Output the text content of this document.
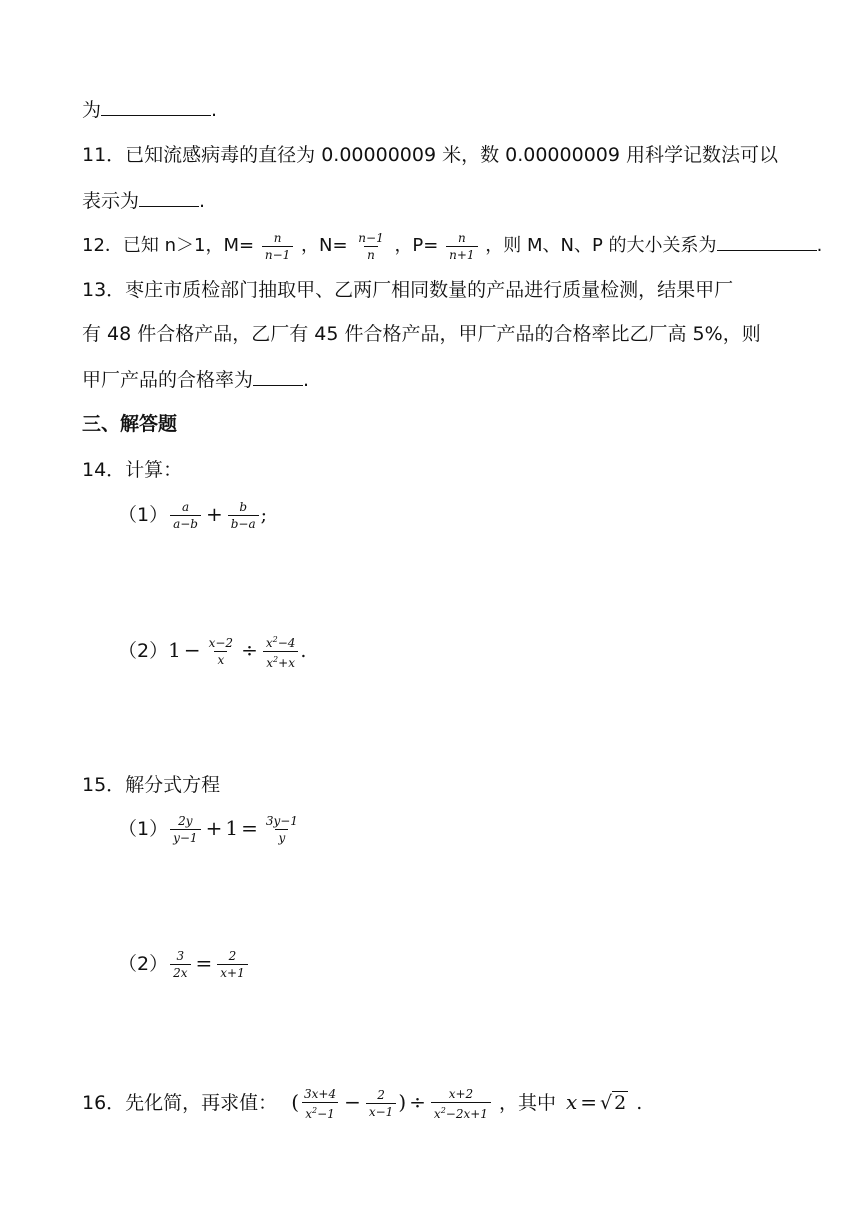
为	.
11．已知流感病毒的直径为 0.00000009 米，数 0.00000009 用科学记数法可以
表示为	.
12．已知 n＞1，$M= \frac{n}{n-1}$ ，$N= \frac{n-1}{n}$ ，$P= \frac{n}{n+1}$ ，则 M、N、P 的大小关系为	.
13．枣庄市质检部门抽取甲、乙两厂相同数量的产品进行质量检测，结果甲厂
有 48 件合格产品，乙厂有 45 件合格产品，甲厂产品的合格率比乙厂高 5%，则
甲厂产品的合格率为	.
三、解答题
14．计算：
$(1) \frac{a}{a-b} + \frac{b}{b-a}$ ;
$(2)1 - \frac{x-2}{x} \div \frac{x^2-4}{x^2+x}$ .
15．解分式方程
$(1) \frac{2y}{y-1} + 1 = \frac{3y-1}{y}$
$(2) \frac{3}{2x} = \frac{2}{x+1}$
16．先化简，再求值： ( $\frac{3x+4}{x^2-1} - \frac{2}{x-1}$ ) ÷ $\frac{x+2}{x^2-2x+1}$ ，其中 x = √ 2 .
